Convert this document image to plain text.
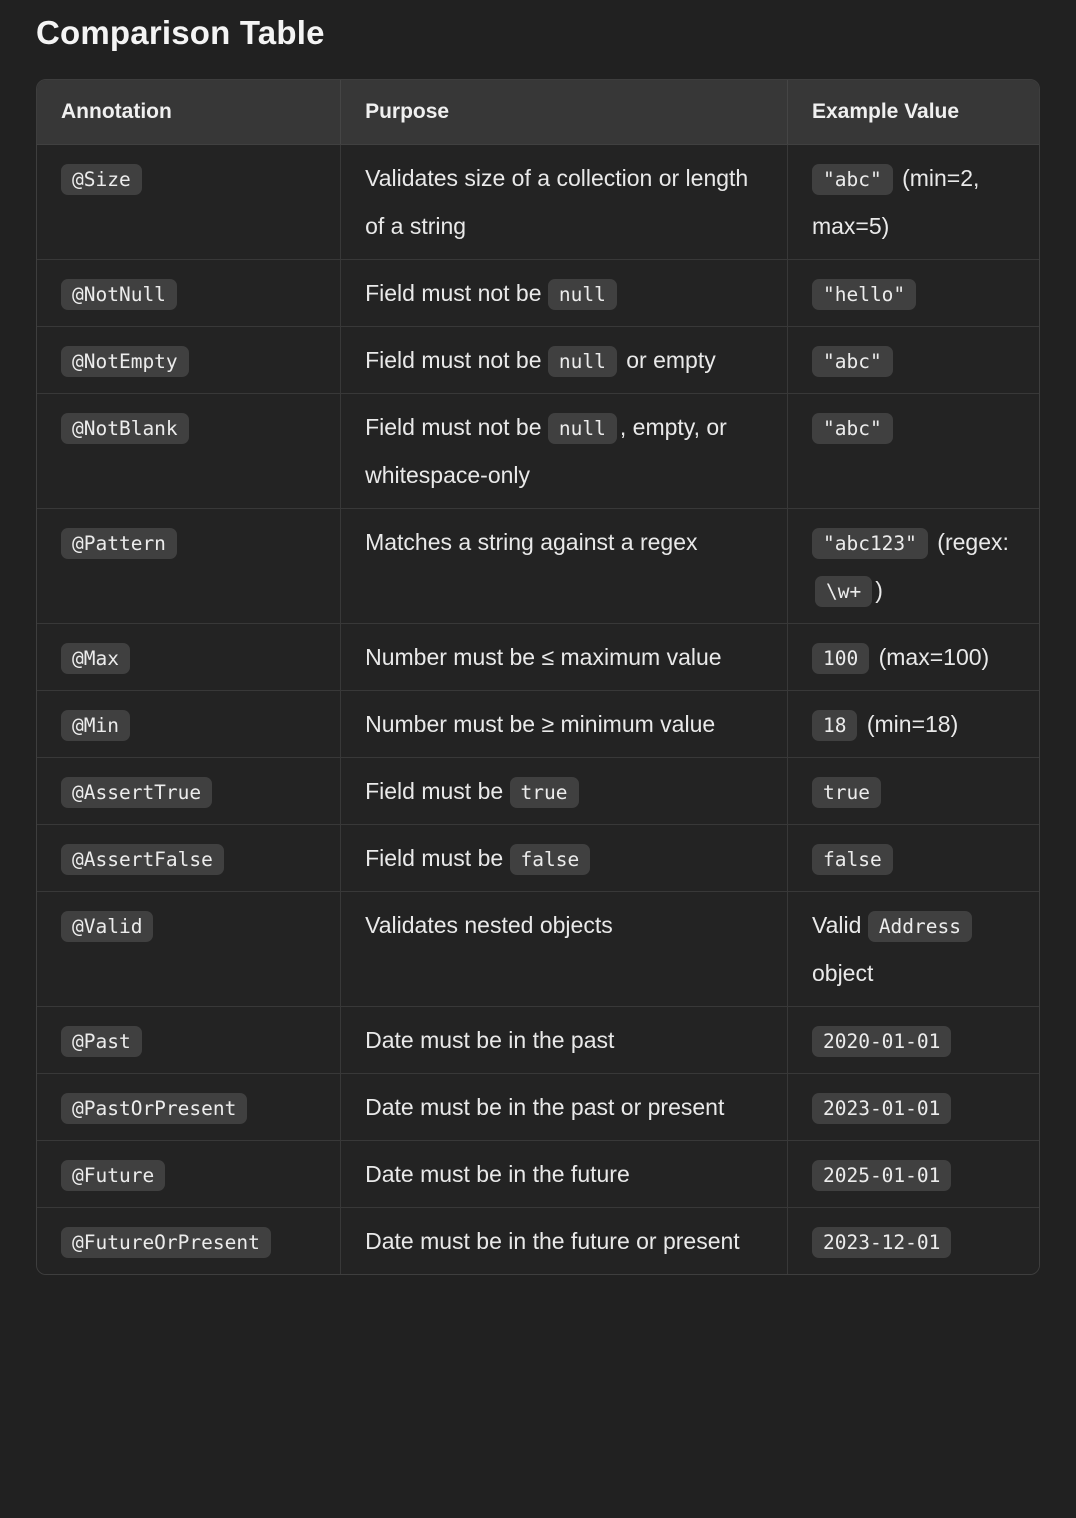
Comparison Table
Annotation	Purpose	Example Value
@Size	Validates size of a collection or length of a string	"abc" (min=2, max=5)
@NotNull	Field must not be null	"hello"
@NotEmpty	Field must not be null or empty	"abc"
@NotBlank	Field must not be null , empty, or whitespace-only	"abc"
@Pattern	Matches a string against a regex	"abc123" (regex: \w+ )
@Max	Number must be ≤ maximum value	100 (max=100)
@Min	Number must be ≥ minimum value	18 (min=18)
@AssertTrue	Field must be true	true
@AssertFalse	Field must be false	false
@Valid	Validates nested objects	Valid Address object
@Past	Date must be in the past	2020-01-01
@PastOrPresent	Date must be in the past or present	2023-01-01
@Future	Date must be in the future	2025-01-01
@FutureOrPresent	Date must be in the future or present	2023-12-01
